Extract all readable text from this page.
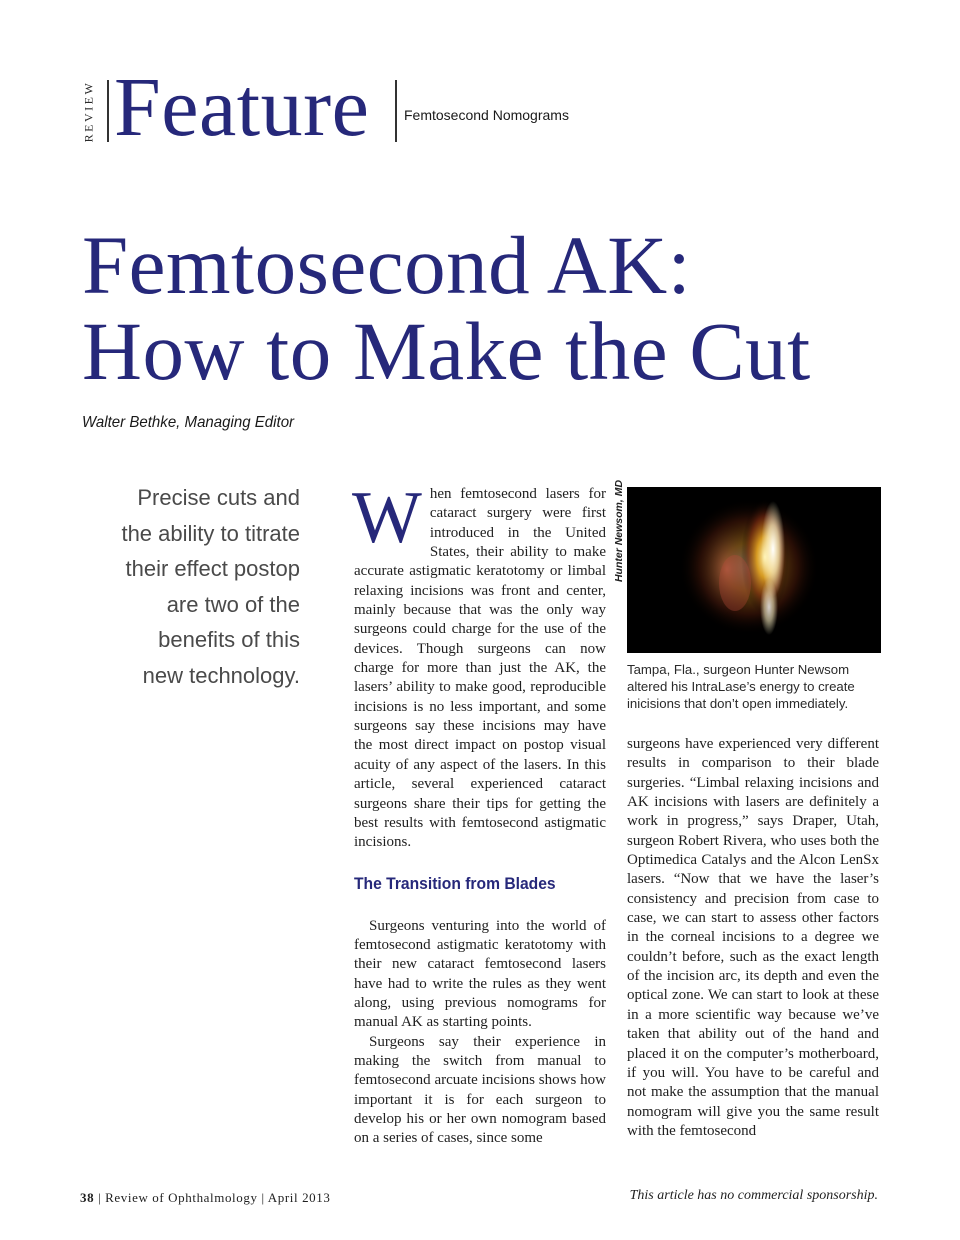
REVIEW Feature Femtosecond Nomograms
Femtosecond AK:
How to Make the Cut
Walter Bethke, Managing Editor
Precise cuts and
the ability to titrate
their effect postop
are two of the
benefits of this
new technology.

When femtosecond lasers for cataract surgery were first introduced in the United States, their ability to make accurate astigmatic keratotomy or limbal relaxing incisions was front and center, mainly because that was the only way surgeons could charge for the use of the devices. Though surgeons can now charge for more than just the AK, the lasers’ ability to make good, reproducible incisions is no less important, and some surgeons say these incisions may have the most direct impact on postop visual acuity of any aspect of the lasers. In this article, several experienced cataract surgeons share their tips for getting the best results with femtosecond astigmatic incisions.

The Transition from Blades

Surgeons venturing into the world of femtosecond astigmatic keratotomy with their new cataract femtosecond lasers have had to write the rules as they went along, using previous nomograms for manual AK as starting points.

Surgeons say their experience in making the switch from manual to femtosecond arcuate incisions shows how important it is for each surgeon to develop his or her own nomogram based on a series of cases, since some

Hunter Newsom, MD
Tampa, Fla., surgeon Hunter Newsom altered his IntraLase’s energy to create inicisions that don’t open immediately.

surgeons have experienced very different results in comparison to their blade surgeries. “Limbal relaxing incisions and AK incisions with lasers are definitely a work in progress,” says Draper, Utah, surgeon Robert Rivera, who uses both the Optimedica Catalys and the Alcon LenSx lasers. “Now that we have the laser’s consistency and precision from case to case, we can start to assess other factors in the corneal incisions to a degree we couldn’t before, such as the exact length of the incision arc, its depth and even the optical zone. We can start to look at these in a more scientific way because we’ve taken that ability out of the hand and placed it on the computer’s motherboard, if you will. You have to be careful and not make the assumption that the manual nomogram will give you the same result with the femtosecond

38 | Review of Ophthalmology | April 2013	This article has no commercial sponsorship.
